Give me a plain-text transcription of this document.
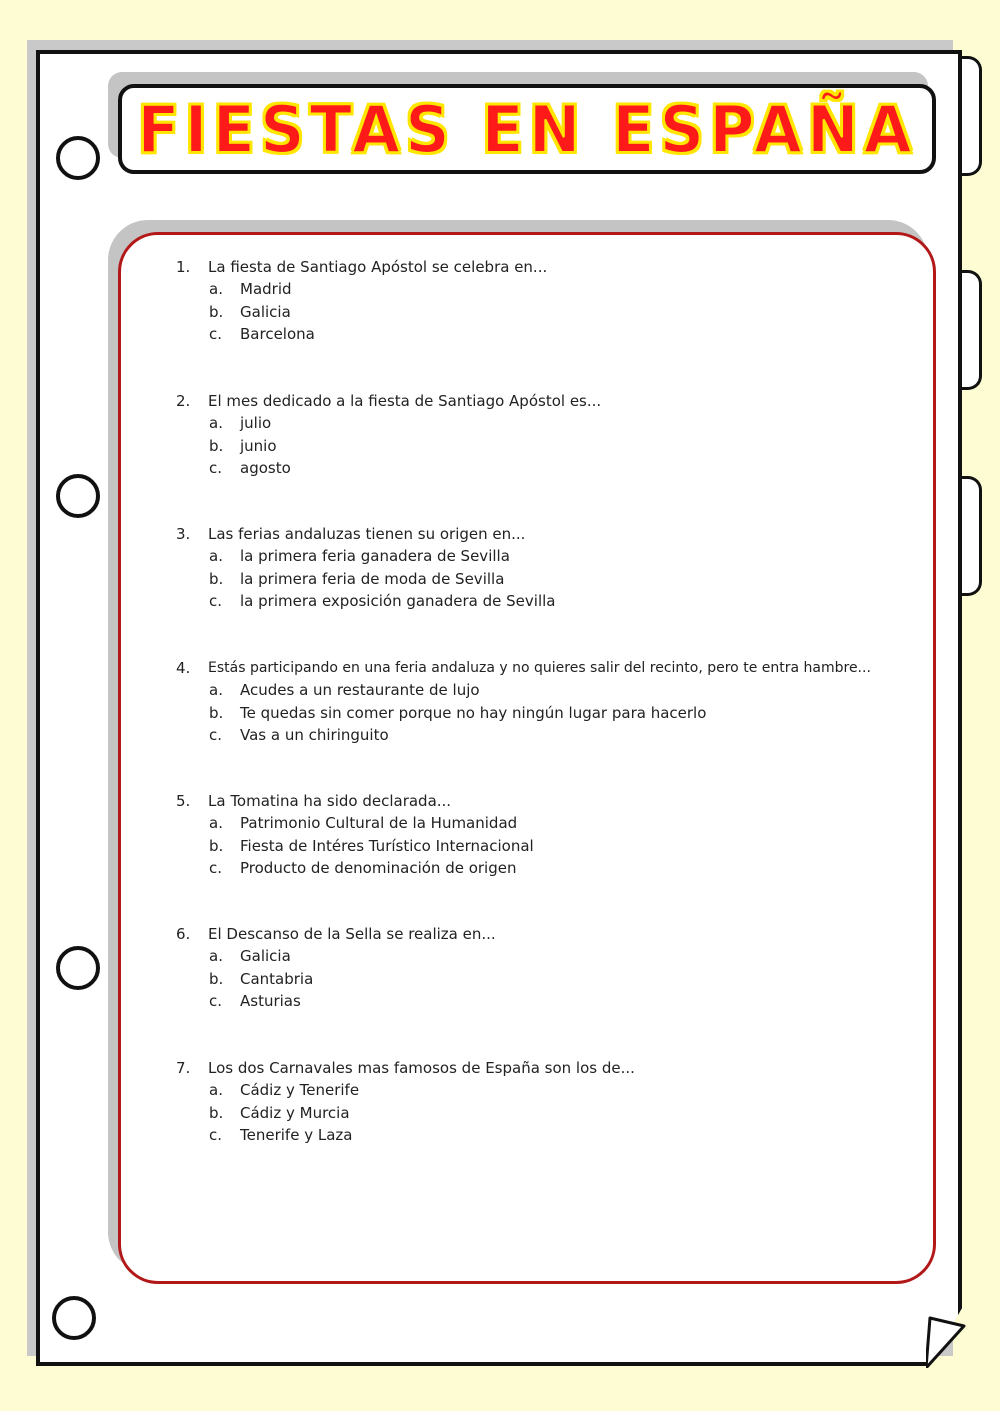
FIESTAS EN ESPAÑA
1.	La fiesta de Santiago Apóstol se celebra en...
a.	Madrid
b.	Galicia
c.	Barcelona
2.	El mes dedicado a la fiesta de Santiago Apóstol es...
a.	julio
b.	junio
c.	agosto
3.	Las ferias andaluzas tienen su origen en...
a.	la primera feria ganadera de Sevilla
b.	la primera feria de moda de Sevilla
c.	la primera exposición ganadera de Sevilla
4.	Estás participando en una feria andaluza y no quieres salir del recinto, pero te entra hambre...
a.	Acudes a un restaurante de lujo
b.	Te quedas sin comer porque no hay ningún lugar para hacerlo
c.	Vas a un chiringuito
5.	La Tomatina ha sido declarada...
a.	Patrimonio Cultural de la Humanidad
b.	Fiesta de Intéres Turístico Internacional
c.	Producto de denominación de origen
6.	El Descanso de la Sella se realiza en...
a.	Galicia
b.	Cantabria
c.	Asturias
7.	Los dos Carnavales mas famosos de España son los de...
a.	Cádiz y Tenerife
b.	Cádiz y Murcia
c.	Tenerife y Laza
